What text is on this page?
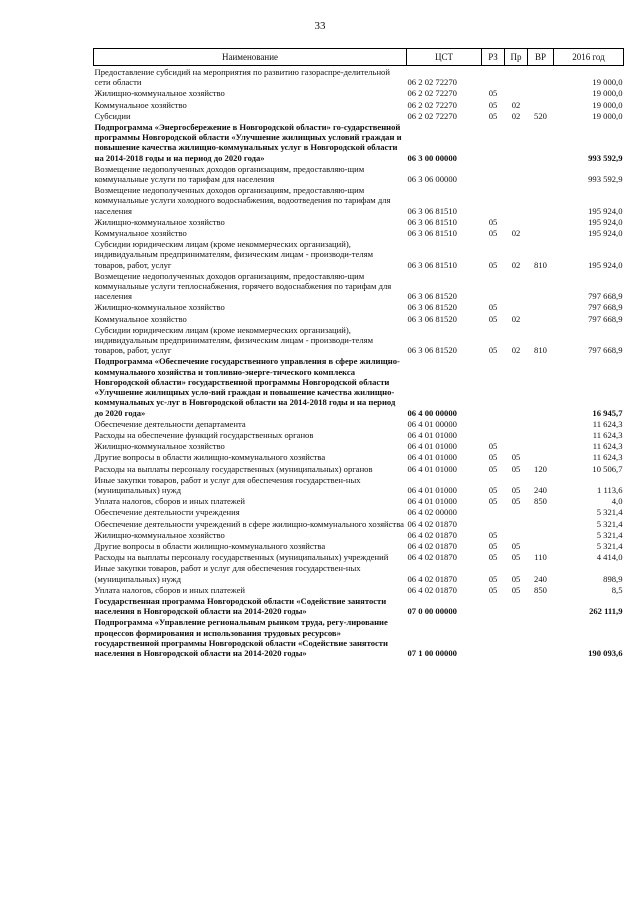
33
Наименование	ЦСТ	РЗ	Пр	ВР	2016 год
Предоставление субсидий на мероприятия по развитию газораспре-делительной сети области	06 2 02 72270				19 000,0
Жилищно-коммунальное хозяйство	06 2 02 72270	05			19 000,0
Коммунальное хозяйство	06 2 02 72270	05	02		19 000,0
Субсидии	06 2 02 72270	05	02	520	19 000,0
Подпрограмма «Энергосбережение в Новгородской области» го-сударственной программы Новгородской области «Улучшение жилищных условий граждан и повышение качества жилищно-коммунальных услуг в Новгородской области на 2014-2018 годы и на период до 2020 года»	06 3 00 00000				993 592,9
Возмещение недополученных доходов организациям, предоставляю-щим коммунальные услуги по тарифам для населения	06 3 06 00000				993 592,9
Возмещение недополученных доходов организациям, предоставляю-щим коммунальные услуги холодного водоснабжения, водоотведения по тарифам для населения	06 3 06 81510				195 924,0
Жилищно-коммунальное хозяйство	06 3 06 81510	05			195 924,0
Коммунальное хозяйство	06 3 06 81510	05	02		195 924,0
Субсидии юридическим лицам (кроме некоммерческих организаций), индивидуальным предпринимателям, физическим лицам - производи-телям товаров, работ, услуг	06 3 06 81510	05	02	810	195 924,0
Возмещение недополученных доходов организациям, предоставляю-щим коммунальные услуги теплоснабжения, горячего водоснабжения по тарифам для населения	06 3 06 81520				797 668,9
Жилищно-коммунальное хозяйство	06 3 06 81520	05			797 668,9
Коммунальное хозяйство	06 3 06 81520	05	02		797 668,9
Субсидии юридическим лицам (кроме некоммерческих организаций), индивидуальным предпринимателям, физическим лицам - производи-телям товаров, работ, услуг	06 3 06 81520	05	02	810	797 668,9
Подпрограмма «Обеспечение государственного управления в сфере жилищно-коммунального хозяйства и топливно-энерге-тического комплекса Новгородской области» государственной программы Новгородской области «Улучшение жилищных усло-вий граждан и повышение качества жилищно-коммунальных ус-луг в Новгородской области на 2014-2018 годы и на период до 2020 года»	06 4 00 00000				16 945,7
Обеспечение деятельности департамента	06 4 01 00000				11 624,3
Расходы на обеспечение функций государственных органов	06 4 01 01000				11 624,3
Жилищно-коммунальное хозяйство	06 4 01 01000	05			11 624,3
Другие вопросы в области жилищно-коммунального хозяйства	06 4 01 01000	05	05		11 624,3
Расходы на выплаты персоналу государственных (муниципальных) органов	06 4 01 01000	05	05	120	10 506,7
Иные закупки товаров, работ и услуг для обеспечения государствен-ных (муниципальных) нужд	06 4 01 01000	05	05	240	1 113,6
Уплата налогов, сборов и иных платежей	06 4 01 01000	05	05	850	4,0
Обеспечение деятельности учреждения	06 4 02 00000				5 321,4
Обеспечение деятельности учреждений в сфере жилищно-коммунального хозяйства	06 4 02 01870				5 321,4
Жилищно-коммунальное хозяйство	06 4 02 01870	05			5 321,4
Другие вопросы в области жилищно-коммунального хозяйства	06 4 02 01870	05	05		5 321,4
Расходы на выплаты персоналу государственных (муниципальных) учреждений	06 4 02 01870	05	05	110	4 414,0
Иные закупки товаров, работ и услуг для обеспечения государствен-ных (муниципальных) нужд	06 4 02 01870	05	05	240	898,9
Уплата налогов, сборов и иных платежей	06 4 02 01870	05	05	850	8,5
Государственная программа Новгородской области «Содействие занятости населения в Новгородской области на 2014-2020 годы»	07 0 00 00000				262 111,9
Подпрограмма «Управление региональным рынком труда, регу-лирование процессов формирования и использования трудовых ресурсов» государственной программы Новгородской области «Содействие занятости населения в Новгородской области на 2014-2020 годы»	07 1 00 00000				190 093,6
